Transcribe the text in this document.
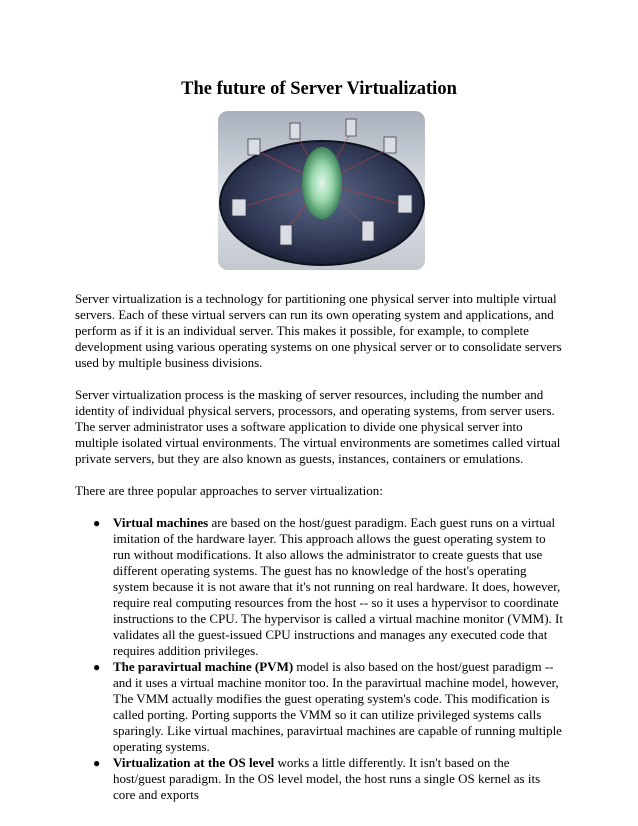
The future of Server Virtualization

Server virtualization is a technology for partitioning one physical server into multiple virtual servers. Each of these virtual servers can run its own operating system and applications, and perform as if it is an individual server. This makes it possible, for example, to complete development using various operating systems on one physical server or to consolidate servers used by multiple business divisions.

Server virtualization process is the masking of server resources, including the number and identity of individual physical servers, processors, and operating systems, from server users. The server administrator uses a software application to divide one physical server into multiple isolated virtual environments. The virtual environments are sometimes called virtual private servers, but they are also known as guests, instances, containers or emulations.

There are three popular approaches to server virtualization:

● Virtual machines are based on the host/guest paradigm. Each guest runs on a virtual imitation of the hardware layer. This approach allows the guest operating system to run without modifications. It also allows the administrator to create guests that use different operating systems. The guest has no knowledge of the host's operating system because it is not aware that it's not running on real hardware. It does, however, require real computing resources from the host -- so it uses a hypervisor to coordinate instructions to the CPU. The hypervisor is called a virtual machine monitor (VMM). It validates all the guest-issued CPU instructions and manages any executed code that requires addition privileges.
● The paravirtual machine (PVM) model is also based on the host/guest paradigm -- and it uses a virtual machine monitor too. In the paravirtual machine model, however, The VMM actually modifies the guest operating system's code. This modification is called porting. Porting supports the VMM so it can utilize privileged systems calls sparingly. Like virtual machines, paravirtual machines are capable of running multiple operating systems.
● Virtualization at the OS level works a little differently. It isn't based on the host/guest paradigm. In the OS level model, the host runs a single OS kernel as its core and exports
